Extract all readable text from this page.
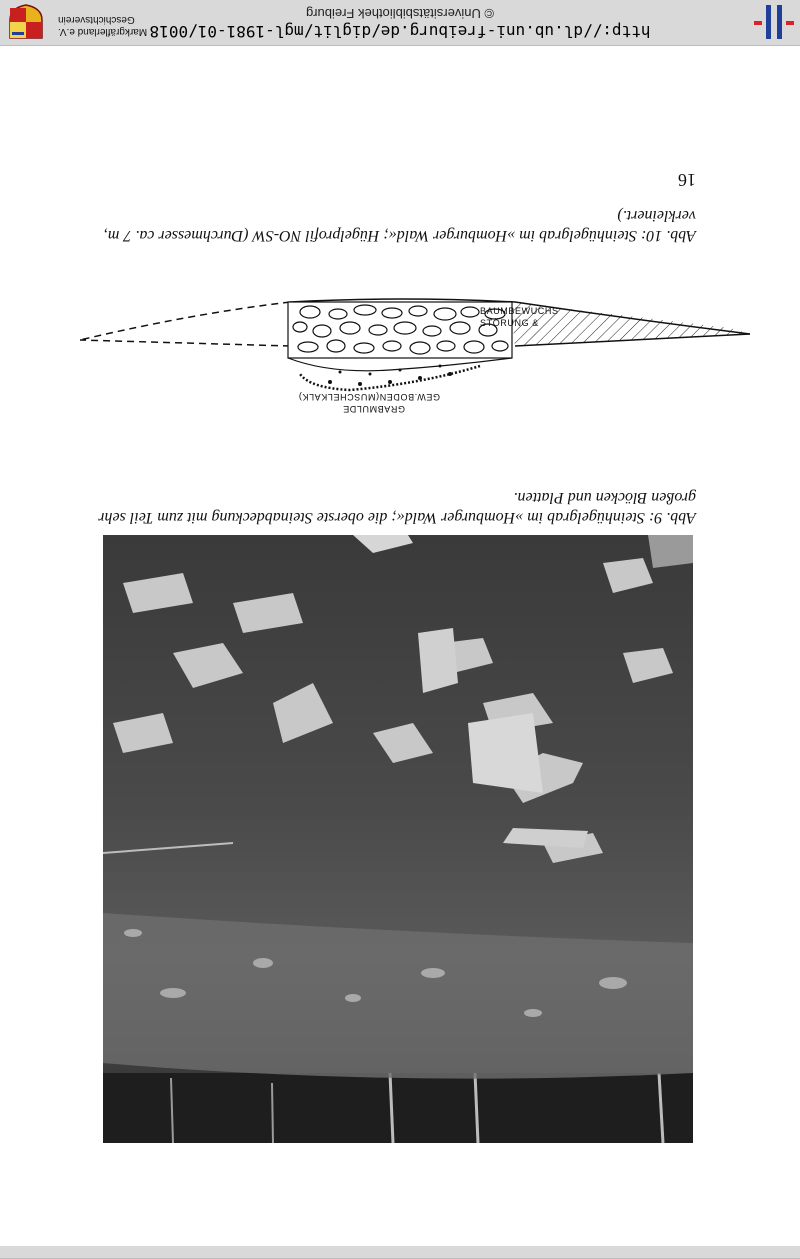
Abb. 9: Steinhügelgrab im »Homburger Wald«; die oberste Steinabdeckung mit zum Teil sehr großen Blöcken und Platten.
STÖRUNG &
BAUMBEWUCHS
GEW.BODEN(MUSCHELKALK)
GRABMULDE
Abb. 10: Steinhügelgrab im »Homburger Wald«; Hügelprofil NO-SW (Durchmesser ca. 7 m, verkleinert.)
16
http://dl.ub.uni-freiburg.de/diglit/mgl-1981-01/0018
© Universitätsbibliothek Freiburg
Markgräflerland e.V.
Geschichtsverein
